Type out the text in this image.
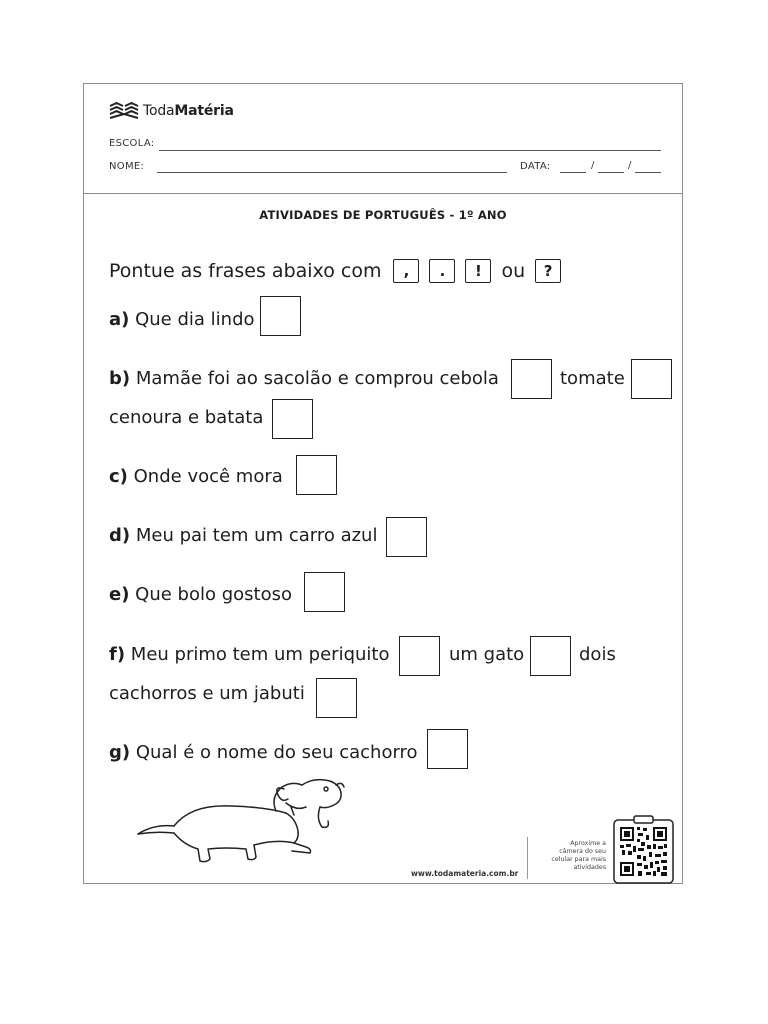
TodaMatéria
ESCOLA:
NOME:	DATA:	/	/
ATIVIDADES DE PORTUGUÊS - 1º ANO
Pontue as frases abaixo com	,	.	!	ou	?
a) Que dia lindo
b) Mamãe foi ao sacolão e comprou cebola	tomate
cenoura e batata
c) Onde você mora
d) Meu pai tem um carro azul
e) Que bolo gostoso
f) Meu primo tem um periquito	um gato	dois
cachorros e um jabuti
g) Qual é o nome do seu cachorro
www.todamateria.com.br
Aproxime a
câmera do seu
celular para mais
atividades
